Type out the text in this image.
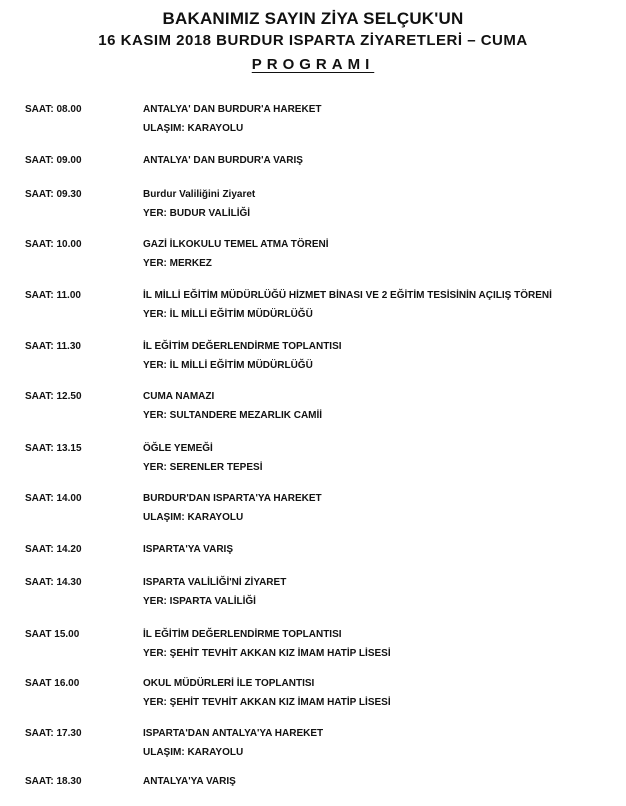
BAKANIMIZ SAYIN ZİYA SELÇUK'UN
16 KASIM 2018 BURDUR ISPARTA ZİYARETLERİ – CUMA
PROGRAMI
SAAT: 08.00	ANTALYA' DAN BURDUR'A HAREKET
ULAŞIM: KARAYOLU
SAAT: 09.00	ANTALYA' DAN BURDUR'A VARIŞ
SAAT: 09.30	Burdur Valiliğini Ziyaret
YER: BUDUR VALİLİĞİ
SAAT: 10.00	GAZİ İLKOKULU TEMEL ATMA TÖRENİ
YER: MERKEZ
SAAT: 11.00	İL MİLLİ EĞİTİM MÜDÜRLÜĞÜ HİZMET BİNASI VE 2 EĞİTİM TESİSİNİN AÇILIŞ TÖRENİ
YER: İL MİLLİ EĞİTİM MÜDÜRLÜĞÜ
SAAT: 11.30	İL EĞİTİM DEĞERLENDİRME TOPLANTISI
YER: İL MİLLİ EĞİTİM MÜDÜRLÜĞÜ
SAAT: 12.50	CUMA NAMAZI
YER: SULTANDERE MEZARLIK CAMİİ
SAAT: 13.15	ÖĞLE YEMEĞİ
YER: SERENLER TEPESİ
SAAT: 14.00	BURDUR'DAN ISPARTA'YA HAREKET
ULAŞIM: KARAYOLU
SAAT: 14.20	ISPARTA'YA VARIŞ
SAAT: 14.30	ISPARTA VALİLİĞİ'Nİ ZİYARET
YER: ISPARTA VALİLİĞİ
SAAT 15.00	İL EĞİTİM DEĞERLENDİRME TOPLANTISI
YER: ŞEHİT TEVHİT AKKAN KIZ İMAM HATİP LİSESİ
SAAT 16.00	OKUL MÜDÜRLERİ İLE TOPLANTISI
YER: ŞEHİT TEVHİT AKKAN KIZ İMAM HATİP LİSESİ
SAAT: 17.30	ISPARTA'DAN ANTALYA'YA HAREKET
ULAŞIM: KARAYOLU
SAAT: 18.30	ANTALYA'YA VARIŞ
